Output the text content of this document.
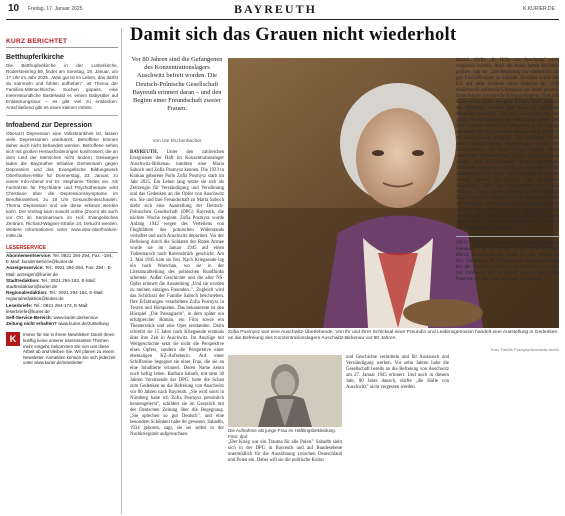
10 Freitag, 17. Januar 2025	BAYREUTH	K.KURIER.DE
KURZ BERICHTET
Betthupferlkirche
Die Betthupferlkirche in der Lutherkirche, Rodersteinring 89, findet am Sonntag, 19. Januar, um 17 Uhr im Jahr 2025. „Was gut ist im Leben, das darfst du sammeln und fühlen aufheben", ist Thema der Familien-Mitmachkirche. Suchen gopass, eine meereskundliche Bastelwald er, einem Babysitter auf Entdeckungstour – es gibt viel zu entdecken. Anschließend gibt es einen kleinen Imbiss.
Infoabend zur Depression
Oberarzt Depression eine Volkskrankheit ist, lassen viele Depressionen unerkannt, Betroffene können daher auch nicht behandelt werden. Betroffene sehen sich mit großen Herausforderungen konfrontiert, die an dem Leid der Menschen nicht ändern. Deswegen laden die Bayreuther Initiative Gemeinsam gegen Depression und das Evangelische Bildungswerk Oberfranken-Mitte für Donnerstag, 23. Januar, zu einem Info-Abend mit Dr. Stephanie Tiedes ein. Als Fachärztin für Psychiatrie und Psychotherapie wird Christiane über die Depressionssymptome im Berufskrankheit, zu 19 Uhr Gesundheitsschaulen. Thema Depression und wie diese erkannt werden kann. Der Vortrag kann sowohl online (Zoom) als auch vor Ort im Seminarraum im Hof, Evangelisches Zentrum, Richard-Wagner-Straße 24, besucht werden. Weitere Informationen unter www.ebw-oberfranken-mitte.de.
LESERSERVICE
Abonnementservice: Tel. 0921 294-294, Fax: -194, E-Mail: kundenservice@kurier.de
Anzeigenservice: Tel.: 0921 294-294, Fax: 294-. E-Mail: anzeigen@kurier.de
Stadtredaktion: Tel.: 0921 294-163, E-Mail: stadtredaktion@kurier.de
Regionalredaktion: Tel.: 0921 294-164, E-Mail: regionalredaktion@kurier.de
Leserbriefe: Tel.: 0921 294-173, E-Mail: leserbriefe@kurier.de
Self-Service-Bereich: www.kurier.de/service
Zeitung nicht erhalten? www.kurier.de/zustellung
K	Immer für Sie in Ihrem Newsletter! Damit Ihnen künftig keine unserer interessanten Themen mehr entgeht, bekommen Sie von uns diese Arbeit ab und bleiben Sie. Wir planen zu einem Newsletter. Anmelden können Sie sich jederzeit unter www.kurier.de/newsletter
Damit sich das Grauen nicht wiederholt
Vor 80 Jahren sind die Gefangenen des Konzentrationslagers Auschwitz befreit worden. Die Deutsch-Polnische Gesellschaft Bayreuth erinnert daran – und den Beginn einer Freundschaft zweier Frauen.
Von Ute Eschenbacher
BAYREUTH. Unter den zahlreichen Ereignissen der Haft im Konzentrationslager Auschwitz-Birkenau inmitten eine Maria Saboch und Zofia Posmysz kennen. Die 1923 in Krakau geborene Polin Zofia Posmysz starb im Jahr 2025. Ein Leben lang setzte sie sich als Zeitzeugin für Verständigung und Versöhnung und das Gedenken an die Opfer von Auschwitz ein. Sie und ihre Freundschaft zu Marta Saboch dreht sich eine Ausstellung der Deutsch-Polnischen Gesellschaft (DPG) Bayreuth, die nächste Woche beginnt. Zofia Posmysz wurde Anfang 1942 wegen des Verteilens von Flugblättern des polnischen Widerstands verhaftet und nach Auschwitz deportiert. Vor der Befreiung durch die Soldaten der Roten Armee wurde sie im Januar 1945 auf einen Todesmarsch nach Ravensbrück geschickt. Am 2. Mai 1945 kam sie frei. Nach Kriegsende lag ein nach Warschau, wo sie in der Literaturabteilung des polnischen Rundfunks arbeitete. Außer Geschichte und die aller NS-Opfer erinnert die Ausstellung „Und sie wurden zu meinen einzigen Freunden..". Zugleich wird das Schicksal der Familie Saboch beschrieben. Ihre Erfahrungen verarbeitete Zofia Posmysz in Texten und Hörspielen. Das bekannteste ist den Hörspiel „Die Passagierin", in dem später ein erfolgreicher Roman, ein Film sowie ein Theaterstück und eine Oper entstanden. Darin schreibt sie 15 Jahre nach Kriegsende erstmals über ihre Zeit in Auschwitz. Im Auszüge mit Weltgeschichte setzt sie nicht die Perspektive eines Opfers, sondern die Perspektive einer ehemaligen KZ-Aufseherin. Auf einer Schiffsreise begegnet sie einer Frau, die sie an eine Inhaftierte erinnert. Deren Name kennt noch heftig leben. Barbara Saboth, mit dem 30 Jahren Vorsitzende der DPG, hatte die Schau zum Gedenken an die Befreiung von Auschwitz vor 80 Jahren nach Bayreuth. „Sie wird sonst in Nürnberg habe ich Zofia Posmysz persönlich kennengelernt", schildert sie im Gespräch mit der Deutschen Zeitung über die Begegnung. „Sie sprechen so gut Deutsch", und eine besondere Schönheit habe ihr gewesen. Sabadth, 1934 geboren, sagt, sie sei selbst in der Nachkriegszeit aufgewachsen.
Zofia Posmysz war eine Auschwitz-Überlebende. Von ihr und ihrer Schicksal einer Freundin und Leidensgenossin handelt eine Ausstellung in Gedenken an die Befreiung des Konzentrationslagers Auschwitz-Birkenau vor 80 Jahren.
Foto: Familie Posmysz/Auschwitz Archiv
Die Aufnahme als junge Frau im Häftlingsbekleidung. Foto: dpd
„Der Krieg war ein Trauma für alle Polen." Sabadth sieht sich in der DPG in Bayreuth und auf Bundesebene unermüdlich für die Aussöhnung zwischen Deutschland und Polen ein. Dabei will sie die politische Kultur
und Geschichte vermitteln und für Austausch und Verständigung werben. Vor zehn Jahren habe die Gesellschaft bereits an die Befreiung von Auschwitz am 27. Januar 1945 erinnert. Und auch in diesem Jahr, 80 Jahre danach, dürfte „die Hölle von Auschwitz" nicht vergessen werden.
danach, dürfte „die Hölle von Auschwitz" nicht vergessen werden. Auch die Polen hatten furchtbar gelitten, sagt sie. „Die Besatzung war schrecklich. Es gab Erschießungen, so Sabadth. Errichtet wurde das KZ auf dem Gelände einer Kaserne im 1940 zunächst für politische Gefangene aus Polen genutzt. Dann folgten sowjetische Kriegsgefangene, Sinti und Roma sowie Juden aus ganz Europa. Nach Wunsch der Historiker wurden dort etwa 1,1 Millionen Menschen ermordet. Das KZ Auschwitz war das größte Vernichtungslager der Nationalsozialisten. Bei ihrer Ankunft wurden die Menschen an der Rampe selektiert: Wer nicht arbeiten konnte, wurde direkt in die Gaskammern geschickt. Die Häftlinge lebten unter unmenschlichen Bedingungen. Unter den Überlebenden war auch Marta Saboch, deren Geschichte die Ausstellung erzählt. Die Ausstellung wurde vom Internationalen Begegnungszentrum Oświęcim konzipiert und ist in Bayreuth in der Stadtbibliothek zu sehen. Der langjährige IBS-Leiter Leszek Szuster ist Kurator der Bayreuther Ausstellung über den Briefwechsel von Zofia Posmysz. Diese wurde bereits in Krakau gezeigt. Ergänzt wird die Schau durch ein Begleitprogramm mit Vorträgen und Führungen für Schulklassen. Ziel sei es, die Erinnerung an das Geschehene wachzuhalten, betont Sabadth. Junge Menschen sollen erfahren, was damals geschehen ist, damit sich das Grauen nicht wiederholt.
INFO. „Und sie wurden zu meinen einzigen Freunden..", bis 24. Januar, 18 Uhr, Stadtbibliothek RW21, Richard-Wagner-Straße 21. Der Eintritt ist frei. Führungen für Schulklassen nach Anmeldung bei der Deutsch-Polnischen Gesellschaft Bayreuth. Zur Eröffnung spricht Leszek Szuster über Zofia Posmysz und die Geschichte der Ausstellung.
